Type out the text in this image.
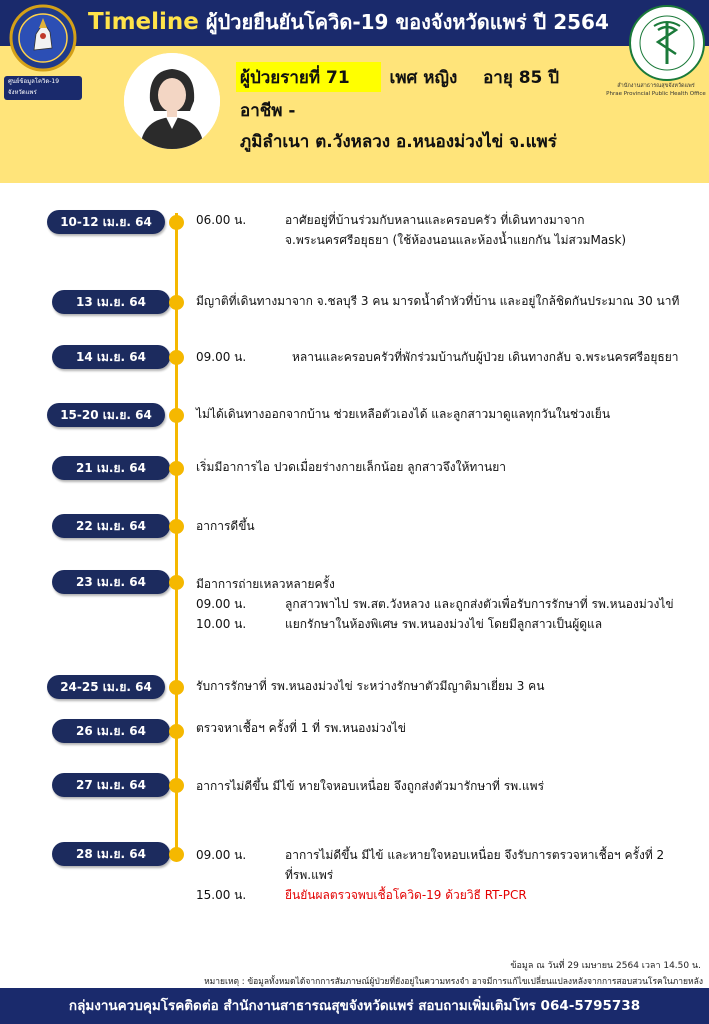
Timeline ผู้ป่วยยืนยันโควิด-19 ของจังหวัดแพร่ ปี 2564
ศูนย์ข้อมูลโควิด-19
จังหวัดแพร่
สำนักงานสาธารณสุขจังหวัดแพร่
Phrae Provincial Public Health Office
ผู้ป่วยรายที่ 71 เพศ หญิง อายุ 85 ปี
อาชีพ -
ภูมิลำเนา ต.วังหลวง อ.หนองม่วงไข่ จ.แพร่
10-12 เม.ย. 64	06.00 น.	อาศัยอยู่ที่บ้านร่วมกับหลานและครอบครัว ที่เดินทางมาจาก
จ.พระนครศรีอยุธยา (ใช้ห้องนอนและห้องน้ำแยกกัน ไม่สวมMask)
13 เม.ย. 64	มีญาติที่เดินทางมาจาก จ.ชลบุรี 3 คน มารดน้ำดำหัวที่บ้าน และอยู่ใกล้ชิดกันประมาณ 30 นาที
14 เม.ย. 64	09.00 น.	หลานและครอบครัวที่พักร่วมบ้านกับผู้ป่วย เดินทางกลับ จ.พระนครศรีอยุธยา
15-20 เม.ย. 64	ไม่ได้เดินทางออกจากบ้าน ช่วยเหลือตัวเองได้ และลูกสาวมาดูแลทุกวันในช่วงเย็น
21 เม.ย. 64	เริ่มมีอาการไอ ปวดเมื่อยร่างกายเล็กน้อย ลูกสาวจึงให้ทานยา
22 เม.ย. 64	อาการดีขึ้น
23 เม.ย. 64	มีอาการถ่ายเหลวหลายครั้ง
09.00 น.	ลูกสาวพาไป รพ.สต.วังหลวง และถูกส่งตัวเพื่อรับการรักษาที่ รพ.หนองม่วงไข่
10.00 น.	แยกรักษาในห้องพิเศษ รพ.หนองม่วงไข่ โดยมีลูกสาวเป็นผู้ดูแล
24-25 เม.ย. 64	รับการรักษาที่ รพ.หนองม่วงไข่ ระหว่างรักษาตัวมีญาติมาเยี่ยม 3 คน
26 เม.ย. 64	ตรวจหาเชื้อฯ ครั้งที่ 1 ที่ รพ.หนองม่วงไข่
27 เม.ย. 64	อาการไม่ดีขึ้น มีไข้ หายใจหอบเหนื่อย จึงถูกส่งตัวมารักษาที่ รพ.แพร่
28 เม.ย. 64	09.00 น.	อาการไม่ดีขึ้น มีไข้ และหายใจหอบเหนื่อย จึงรับการตรวจหาเชื้อฯ ครั้งที่ 2
ที่รพ.แพร่
15.00 น.	ยืนยันผลตรวจพบเชื้อโควิด-19 ด้วยวิธี RT-PCR
ข้อมูล ณ วันที่ 29 เมษายน 2564 เวลา 14.50 น.
หมายเหตุ : ข้อมูลทั้งหมดได้จากการสัมภาษณ์ผู้ป่วยที่ยังอยู่ในความทรงจำ อาจมีการแก้ไขเปลี่ยนแปลงหลังจากการสอบสวนโรคในภายหลัง
กลุ่มงานควบคุมโรคติดต่อ สำนักงานสาธารณสุขจังหวัดแพร่ สอบถามเพิ่มเติมโทร 064-5795738
